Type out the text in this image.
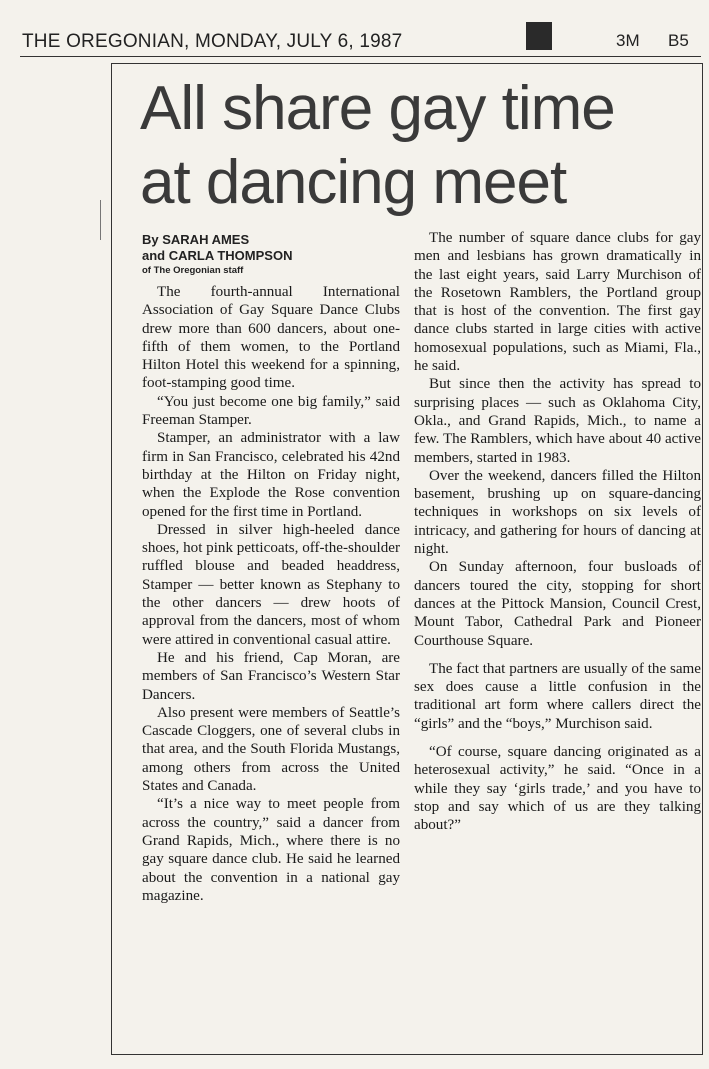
THE OREGONIAN, MONDAY, JULY 6, 1987	3M B5
All share gay time
at dancing meet
By SARAH AMES
and CARLA THOMPSON
of The Oregonian staff

The fourth-annual International Association of Gay Square Dance Clubs drew more than 600 dancers, about one-fifth of them women, to the Portland Hilton Hotel this weekend for a spinning, foot-stamping good time.

“You just become one big family,” said Freeman Stamper.

Stamper, an administrator with a law firm in San Francisco, celebrated his 42nd birthday at the Hilton on Friday night, when the Explode the Rose convention opened for the first time in Portland.

Dressed in silver high-heeled dance shoes, hot pink petticoats, off-the-shoulder ruffled blouse and beaded headdress, Stamper — better known as Stephany to the other dancers — drew hoots of approval from the dancers, most of whom were attired in conventional casual attire.

He and his friend, Cap Moran, are members of San Francisco’s Western Star Dancers.

Also present were members of Seattle’s Cascade Cloggers, one of several clubs in that area, and the South Florida Mustangs, among others from across the United States and Canada.

“It’s a nice way to meet people from across the country,” said a dancer from Grand Rapids, Mich., where there is no gay square dance club. He said he learned about the convention in a national gay magazine.

The number of square dance clubs for gay men and lesbians has grown dramatically in the last eight years, said Larry Murchison of the Rosetown Ramblers, the Portland group that is host of the convention. The first gay dance clubs started in large cities with active homosexual populations, such as Miami, Fla., he said.

But since then the activity has spread to surprising places — such as Oklahoma City, Okla., and Grand Rapids, Mich., to name a few. The Ramblers, which have about 40 active members, started in 1983.

Over the weekend, dancers filled the Hilton basement, brushing up on square-dancing techniques in workshops on six levels of intricacy, and gathering for hours of dancing at night.

On Sunday afternoon, four busloads of dancers toured the city, stopping for short dances at the Pittock Mansion, Council Crest, Mount Tabor, Cathedral Park and Pioneer Courthouse Square.

The fact that partners are usually of the same sex does cause a little confusion in the traditional art form where callers direct the “girls” and the “boys,” Murchison said.

“Of course, square dancing originated as a heterosexual activity,” he said. “Once in a while they say ‘girls trade,’ and you have to stop and say which of us are they talking about?”
